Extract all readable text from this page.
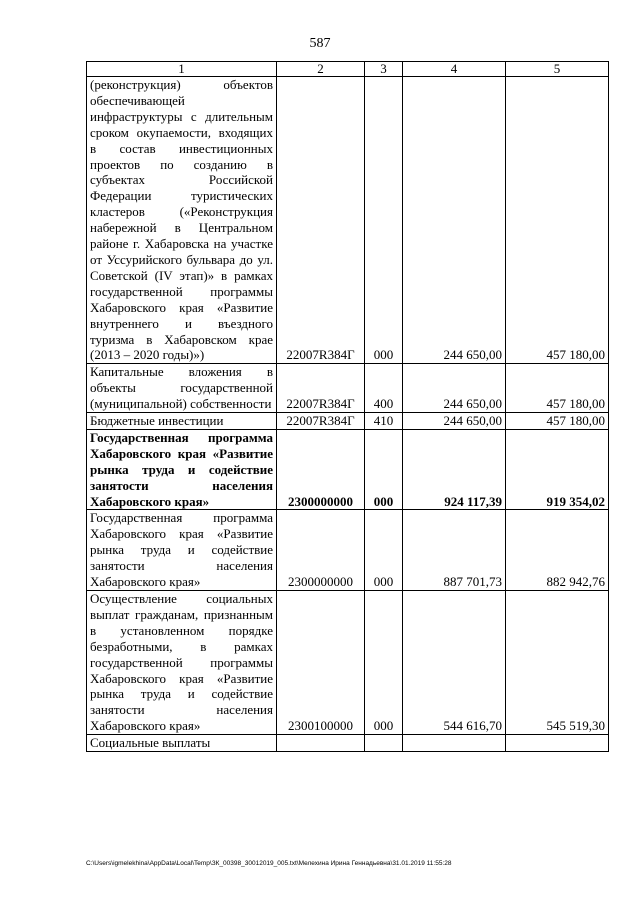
587
1	2	3	4	5
(реконструкция) объектов обеспечивающей инфраструктуры с длительным сроком окупаемости, входящих в состав инвестиционных проектов по созданию в субъектах Российской Федерации туристических кластеров («Реконструкция набережной в Центральном районе г. Хабаровска на участке от Уссурийского бульвара до ул. Советской (IV этап)» в рамках государственной программы Хабаровского края «Развитие внутреннего и въездного туризма в Хабаровском крае (2013 – 2020 годы)»)	22007R384Г	000	244 650,00	457 180,00
Капитальные вложения в объекты государственной (муниципальной) собственности	22007R384Г	400	244 650,00	457 180,00
Бюджетные инвестиции	22007R384Г	410	244 650,00	457 180,00
Государственная программа Хабаровского края «Развитие рынка труда и содействие занятости населения Хабаровского края»	2300000000	000	924 117,39	919 354,02
Государственная программа Хабаровского края «Развитие рынка труда и содействие занятости населения Хабаровского края»	2300000000	000	887 701,73	882 942,76
Осуществление социальных выплат гражданам, признанным в установленном порядке безработными, в рамках государственной программы Хабаровского края «Развитие рынка труда и содействие занятости населения Хабаровского края»	2300100000	000	544 616,70	545 519,30
Социальные выплаты				
C:\Users\igmelekhina\AppData\Local\Temp\ЗК_00398_30012019_005.txt\Мелехина Ирина Геннадьевна\31.01.2019 11:55:28
